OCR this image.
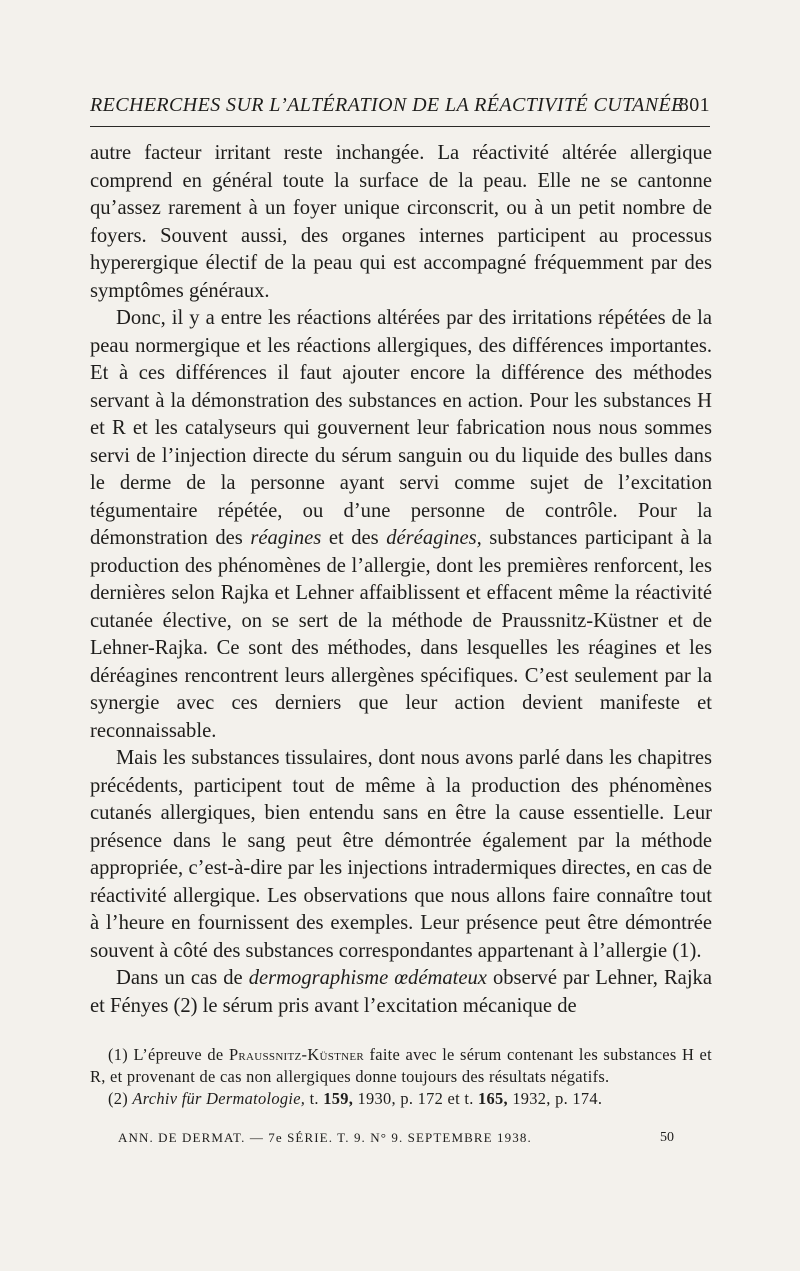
RECHERCHES SUR L’ALTÉRATION DE LA RÉACTIVITÉ CUTANÉE
801

autre facteur irritant reste inchangée. La réactivité altérée allergique comprend en général toute la surface de la peau. Elle ne se cantonne qu’assez rarement à un foyer unique circonscrit, ou à un petit nombre de foyers. Souvent aussi, des organes internes participent au processus hyperergique électif de la peau qui est accompagné fréquemment par des symptômes généraux.

Donc, il y a entre les réactions altérées par des irritations répétées de la peau normergique et les réactions allergiques, des différences importantes. Et à ces différences il faut ajouter encore la différence des méthodes servant à la démonstration des substances en action. Pour les substances H et R et les catalyseurs qui gouvernent leur fabrication nous nous sommes servi de l’injection directe du sérum sanguin ou du liquide des bulles dans le derme de la personne ayant servi comme sujet de l’excitation tégumentaire répétée, ou d’une personne de contrôle. Pour la démonstration des réagines et des déréagines, substances participant à la production des phénomènes de l’allergie, dont les premières renforcent, les dernières selon Rajka et Lehner affaiblissent et effacent même la réactivité cutanée élective, on se sert de la méthode de Praussnitz-Küstner et de Lehner-Rajka. Ce sont des méthodes, dans lesquelles les réagines et les déréagines rencontrent leurs allergènes spécifiques. C’est seulement par la synergie avec ces derniers que leur action devient manifeste et reconnaissable.

Mais les substances tissulaires, dont nous avons parlé dans les chapitres précédents, participent tout de même à la production des phénomènes cutanés allergiques, bien entendu sans en être la cause essentielle. Leur présence dans le sang peut être démontrée également par la méthode appropriée, c’est-à-dire par les injections intradermiques directes, en cas de réactivité allergique. Les observations que nous allons faire connaître tout à l’heure en fournissent des exemples. Leur présence peut être démontrée souvent à côté des substances correspondantes appartenant à l’allergie (1).

Dans un cas de dermographisme œdémateux observé par Lehner, Rajka et Fényes (2) le sérum pris avant l’excitation mécanique de

(1) L’épreuve de Praussnitz-Küstner faite avec le sérum contenant les substances H et R, et provenant de cas non allergiques donne toujours des résultats négatifs.

(2) Archiv für Dermatologie, t. 159, 1930, p. 172 et t. 165, 1932, p. 174.

ANN. DE DERMAT. — 7e SÉRIE. T. 9. N° 9. SEPTEMBRE 1938.	50
